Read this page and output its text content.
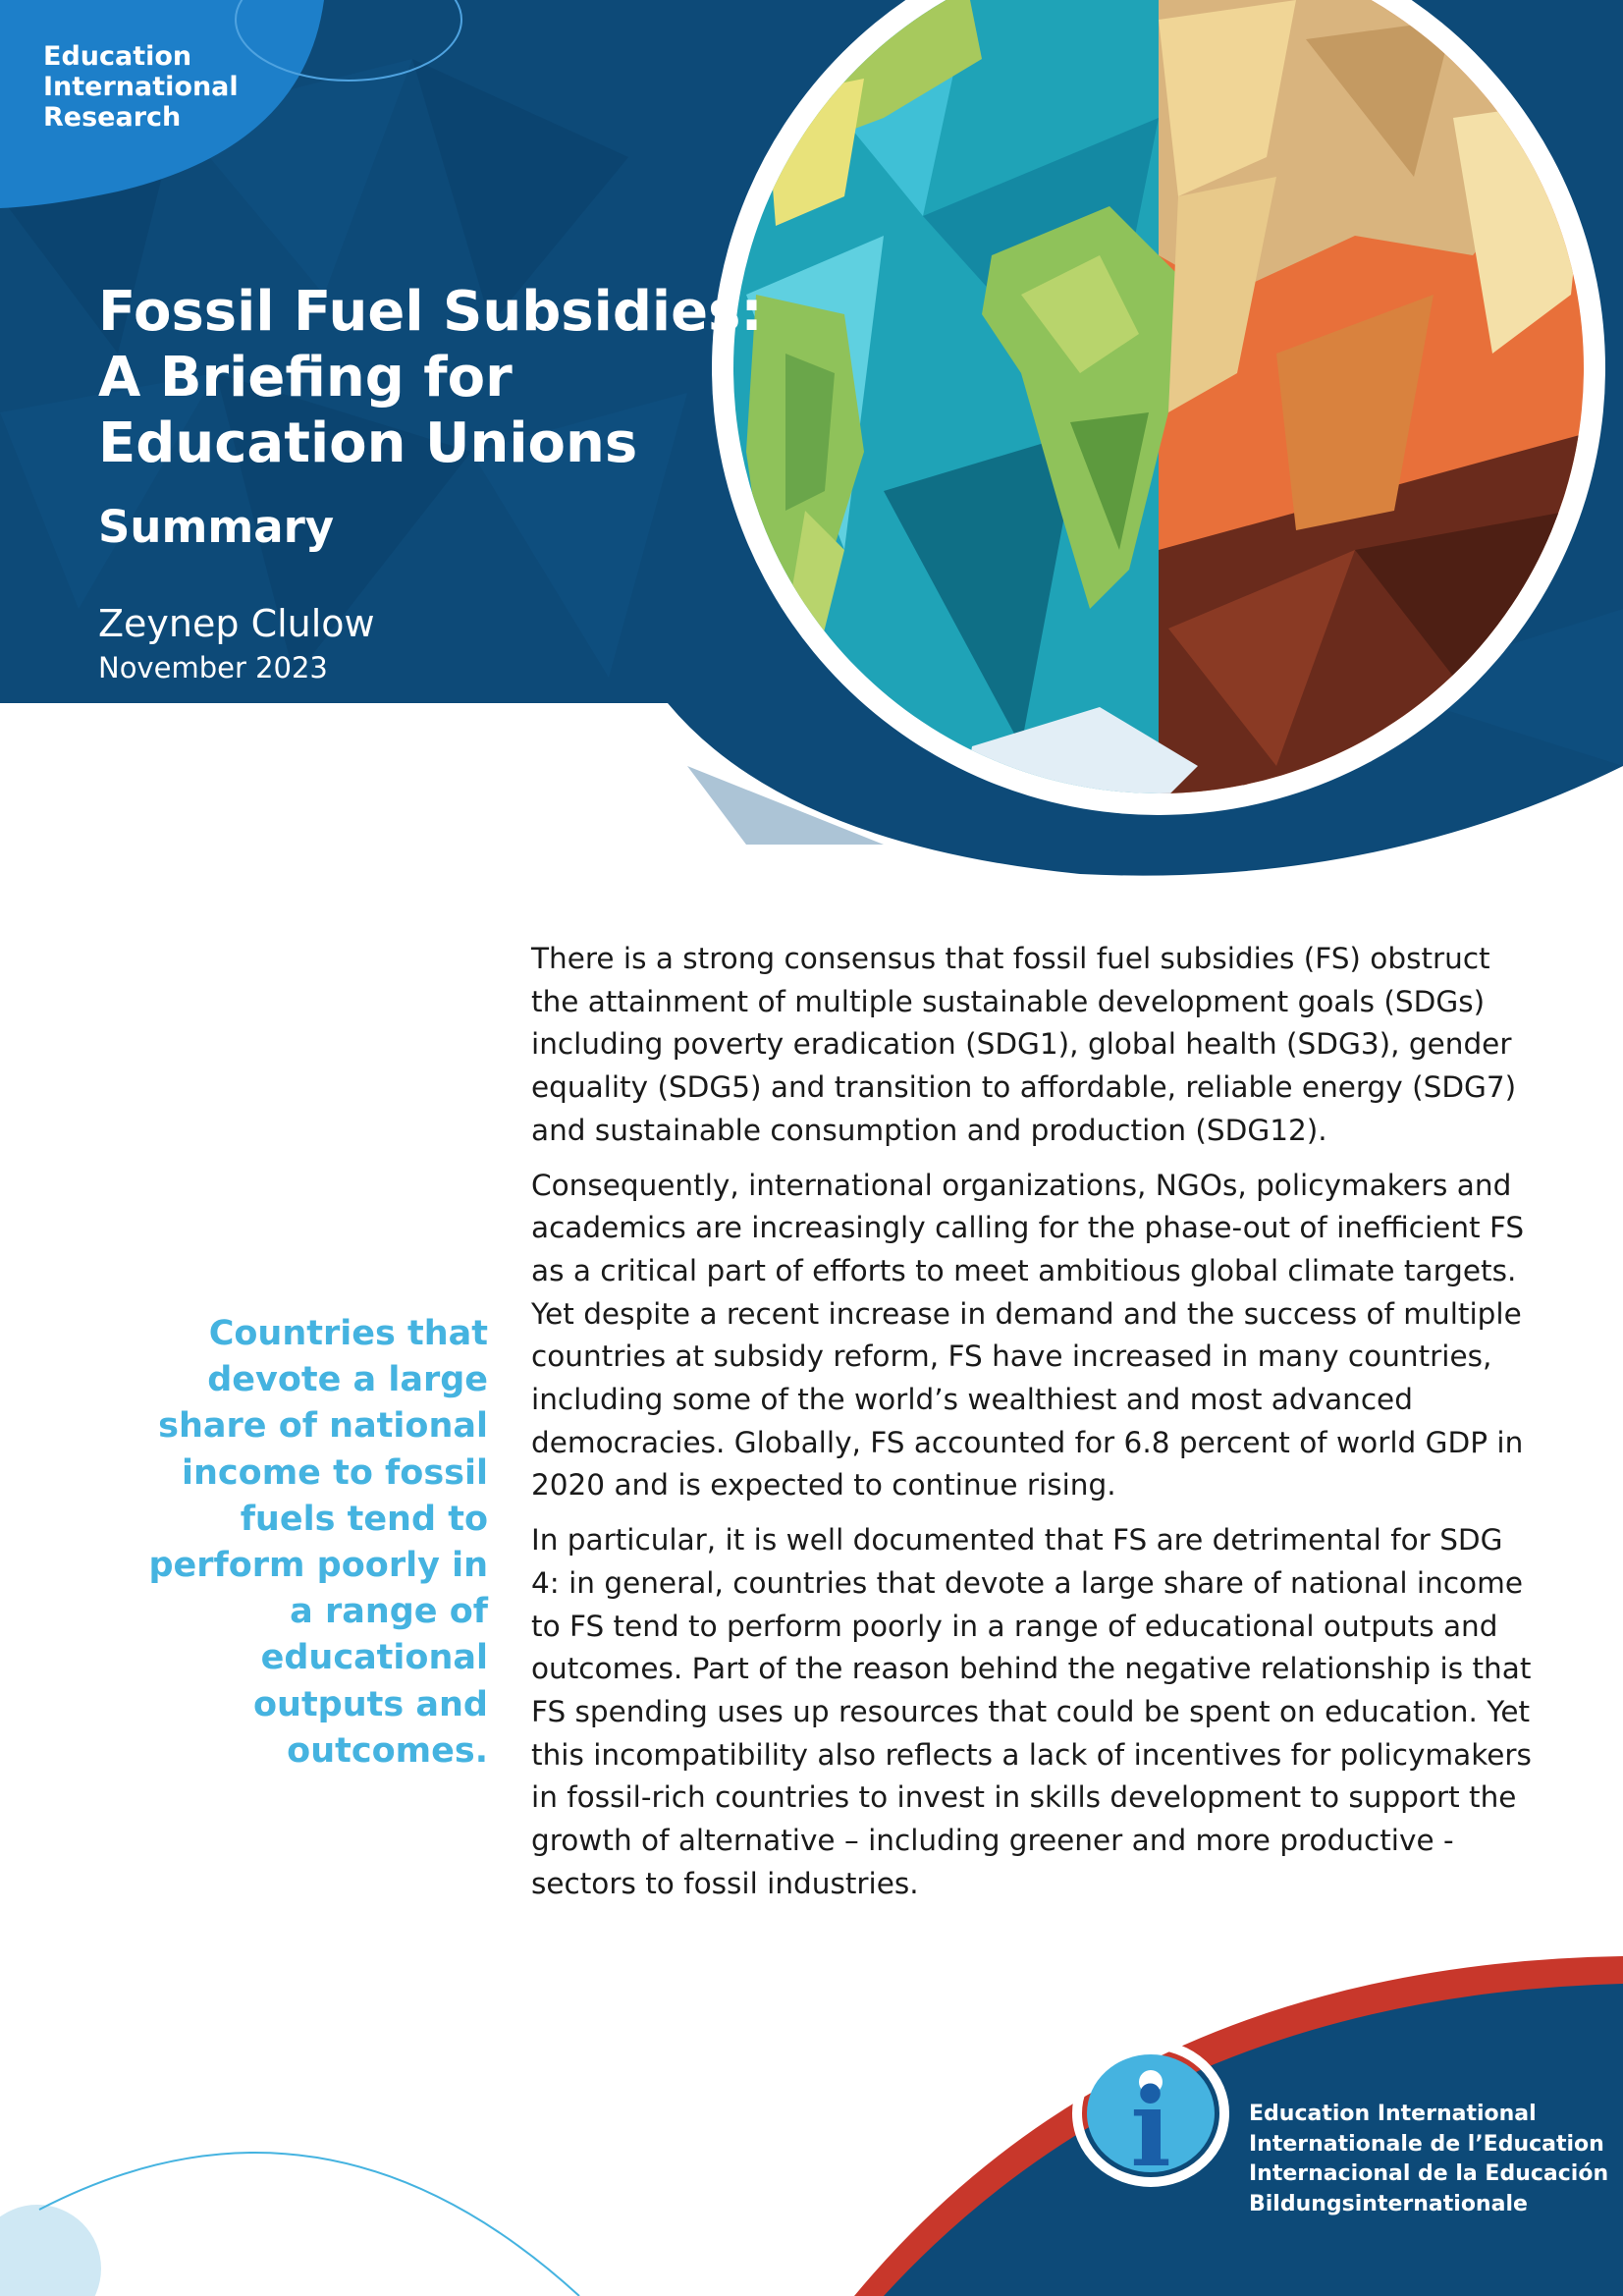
Education
International
Research
Fossil Fuel Subsidies:
A Briefing for
Education Unions
Summary
Zeynep Clulow
November 2023

Countries that devote a large share of national income to fossil fuels tend to perform poorly in a range of educational outputs and outcomes.

There is a strong consensus that fossil fuel subsidies (FS) obstruct the attainment of multiple sustainable development goals (SDGs) including poverty eradication (SDG1), global health (SDG3), gender equality (SDG5) and transition to affordable, reliable energy (SDG7) and sustainable consumption and production (SDG12).

Consequently, international organizations, NGOs, policymakers and academics are increasingly calling for the phase-out of inefficient FS as a critical part of efforts to meet ambitious global climate targets. Yet despite a recent increase in demand and the success of multiple countries at subsidy reform, FS have increased in many countries, including some of the world’s wealthiest and most advanced democracies. Globally, FS accounted for 6.8 percent of world GDP in 2020 and is expected to continue rising.

In particular, it is well documented that FS are detrimental for SDG 4: in general, countries that devote a large share of national income to FS tend to perform poorly in a range of educational outputs and outcomes. Part of the reason behind the negative relationship is that FS spending uses up resources that could be spent on education. Yet this incompatibility also reflects a lack of incentives for policymakers in fossil-rich countries to invest in skills development to support the growth of alternative – including greener and more productive - sectors to fossil industries.

i	Education International
Internationale de l’Education
Internacional de la Educación
Bildungsinternationale
